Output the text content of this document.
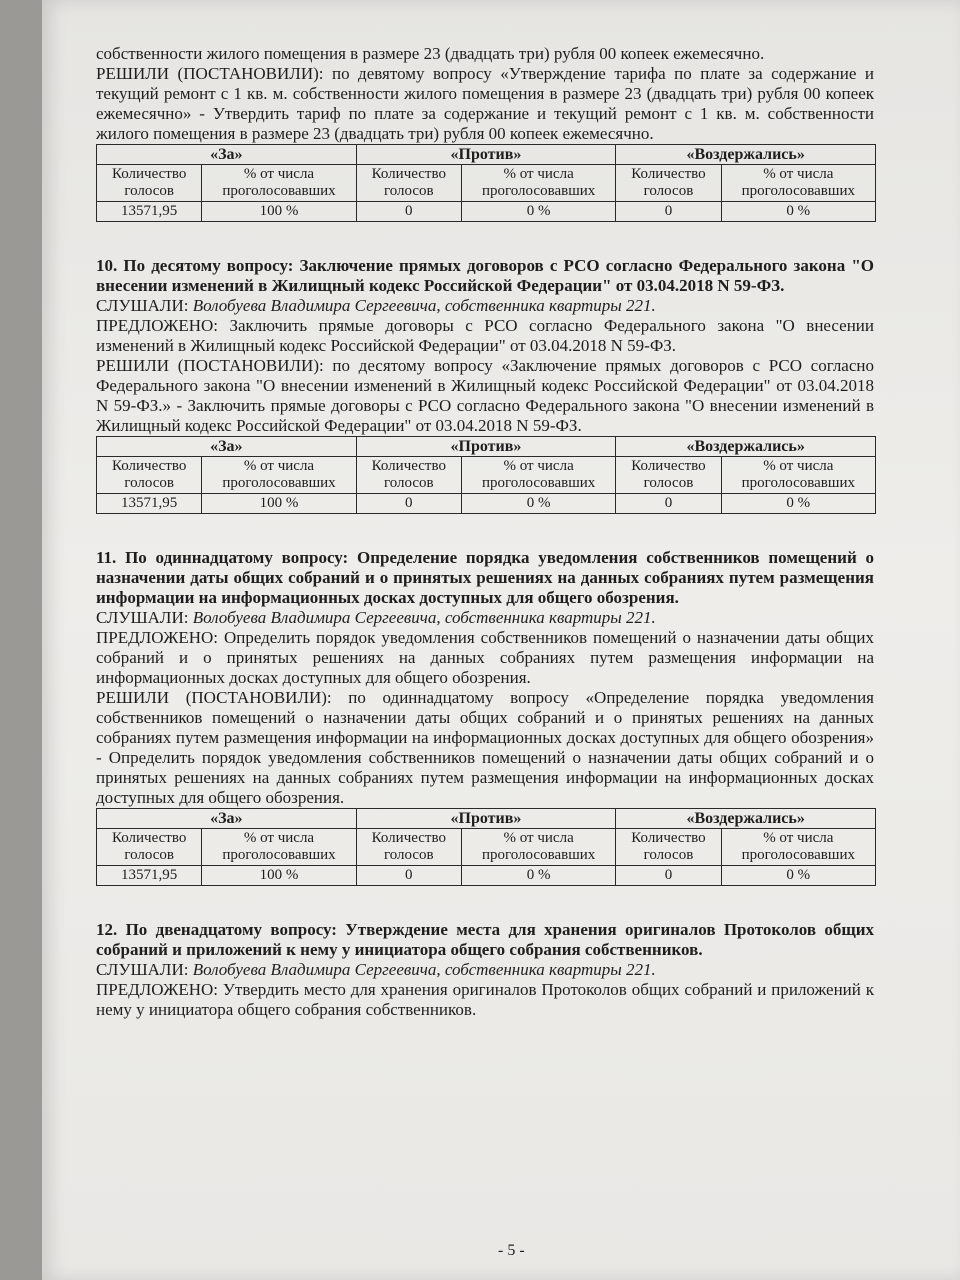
собственности жилого помещения в размере 23 (двадцать три) рубля 00 копеек ежемесячно.

РЕШИЛИ (ПОСТАНОВИЛИ): по девятому вопросу «Утверждение тарифа по плате за содержание и текущий ремонт с 1 кв. м. собственности жилого помещения в размере 23 (двадцать три) рубля 00 копеек ежемесячно» - Утвердить тариф по плате за содержание и текущий ремонт с 1 кв. м. собственности жилого помещения в размере 23 (двадцать три) рубля 00 копеек ежемесячно.

«За»		«Против»		«Воздержались»	
Количество голосов	% от числа проголосовавших	Количество голосов	% от числа проголосовавших	Количество голосов	% от числа проголосовавших
13571,95	100 %	0	0 %	0	0 %

10. По десятому вопросу: Заключение прямых договоров с РСО согласно Федерального закона "О внесении изменений в Жилищный кодекс Российской Федерации" от 03.04.2018 N 59-ФЗ.

СЛУШАЛИ: Волобуева Владимира Сергеевича, собственника квартиры 221.

ПРЕДЛОЖЕНО: Заключить прямые договоры с РСО согласно Федерального закона "О внесении изменений в Жилищный кодекс Российской Федерации" от 03.04.2018 N 59-ФЗ.

РЕШИЛИ (ПОСТАНОВИЛИ): по десятому вопросу «Заключение прямых договоров с РСО согласно Федерального закона "О внесении изменений в Жилищный кодекс Российской Федерации" от 03.04.2018 N 59-ФЗ.» - Заключить прямые договоры с РСО согласно Федерального закона "О внесении изменений в Жилищный кодекс Российской Федерации" от 03.04.2018 N 59-ФЗ.

«За»		«Против»		«Воздержались»	
Количество голосов	% от числа проголосовавших	Количество голосов	% от числа проголосовавших	Количество голосов	% от числа проголосовавших
13571,95	100 %	0	0 %	0	0 %

11. По одиннадцатому вопросу: Определение порядка уведомления собственников помещений о назначении даты общих собраний и о принятых решениях на данных собраниях путем размещения информации на информационных досках доступных для общего обозрения.

СЛУШАЛИ: Волобуева Владимира Сергеевича, собственника квартиры 221.

ПРЕДЛОЖЕНО: Определить порядок уведомления собственников помещений о назначении даты общих собраний и о принятых решениях на данных собраниях путем размещения информации на информационных досках доступных для общего обозрения.

РЕШИЛИ (ПОСТАНОВИЛИ): по одиннадцатому вопросу «Определение порядка уведомления собственников помещений о назначении даты общих собраний и о принятых решениях на данных собраниях путем размещения информации на информационных досках доступных для общего обозрения» - Определить порядок уведомления собственников помещений о назначении даты общих собраний и о принятых решениях на данных собраниях путем размещения информации на информационных досках доступных для общего обозрения.

«За»		«Против»		«Воздержались»	
Количество голосов	% от числа проголосовавших	Количество голосов	% от числа проголосовавших	Количество голосов	% от числа проголосовавших
13571,95	100 %	0	0 %	0	0 %

12. По двенадцатому вопросу: Утверждение места для хранения оригиналов Протоколов общих собраний и приложений к нему у инициатора общего собрания собственников.

СЛУШАЛИ: Волобуева Владимира Сергеевича, собственника квартиры 221.

ПРЕДЛОЖЕНО: Утвердить место для хранения оригиналов Протоколов общих собраний и приложений к нему у инициатора общего собрания собственников.

- 5 -
